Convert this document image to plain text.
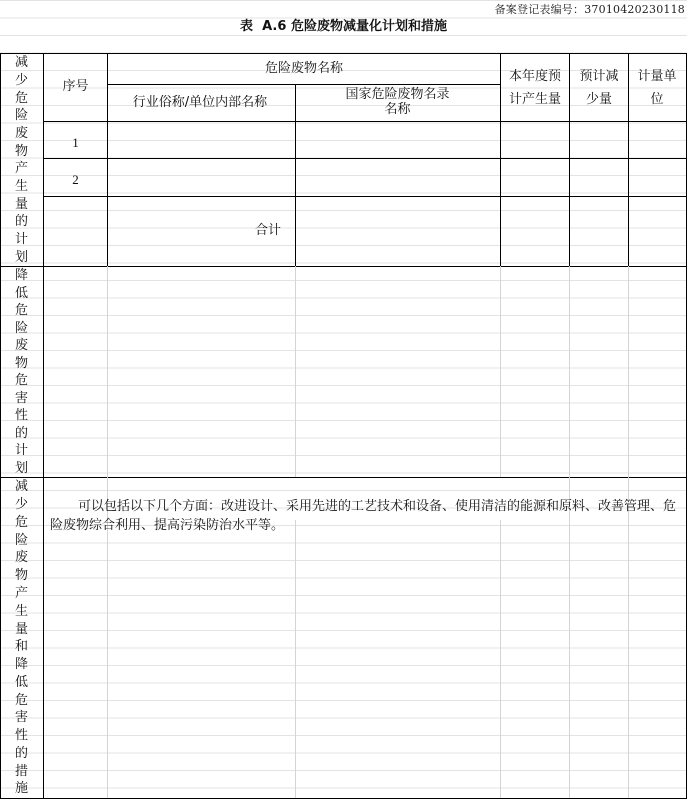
备案登记表编号：37010420230118
表 A.6 危险废物减量化计划和措施
减
少
危
险
废
物
产
生
量
的
计
划
序号
危险废物名称
行业俗称/单位内部名称	国家危险废物名录名称
本年度预计产生量
预计减少量
计量单位
1
2
合计
降
低
危
险
废
物
危
害
性
的
计
划
减
少
危
险
废
物
产
生
量
和
降
低
危
害
性
的
措
施
可以包括以下几个方面：改进设计、采用先进的工艺技术和设备、使用清洁的能源和原料、改善管理、危险废物综合利用、提高污染防治水平等。
